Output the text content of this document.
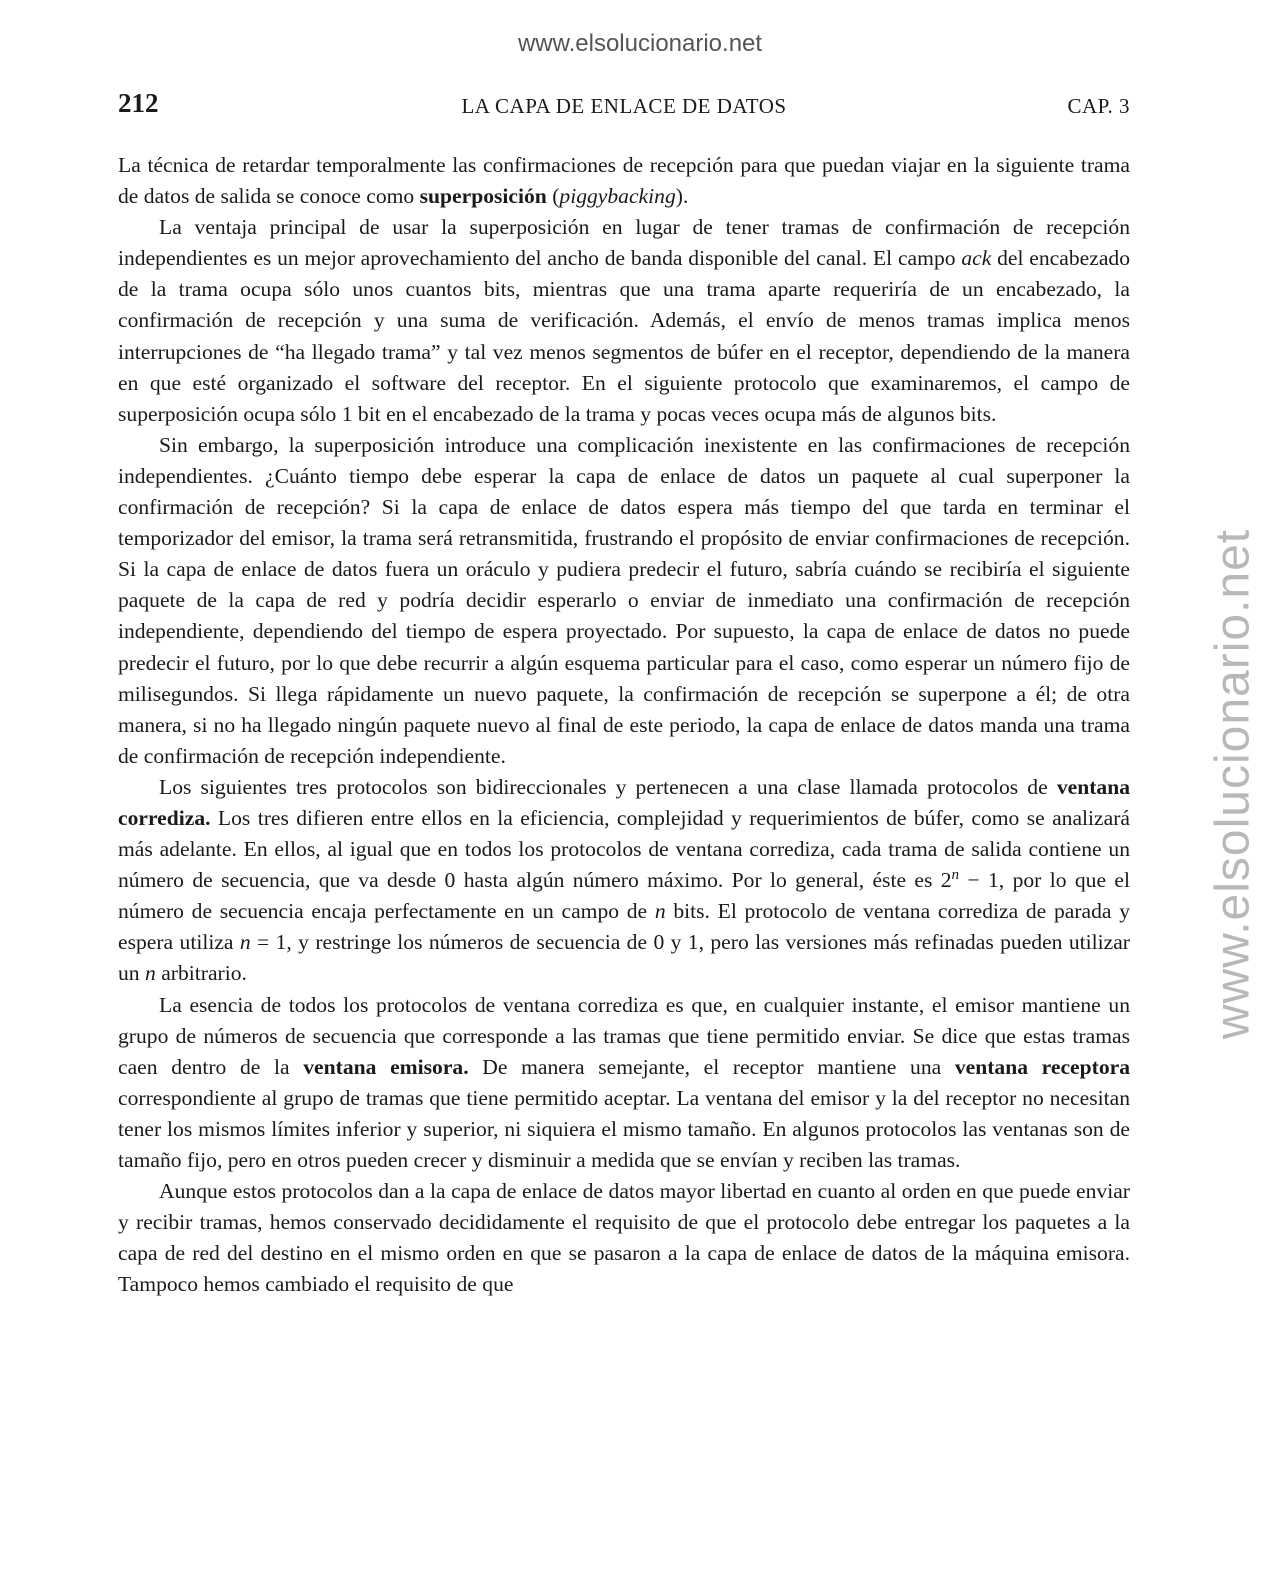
www.elsolucionario.net
www.elsolucionario.net
212	LA CAPA DE ENLACE DE DATOS	CAP. 3

La técnica de retardar temporalmente las confirmaciones de recepción para que puedan viajar en la siguiente trama de datos de salida se conoce como superposición (piggybacking).

La ventaja principal de usar la superposición en lugar de tener tramas de confirmación de recepción independientes es un mejor aprovechamiento del ancho de banda disponible del canal. El campo ack del encabezado de la trama ocupa sólo unos cuantos bits, mientras que una trama aparte requeriría de un encabezado, la confirmación de recepción y una suma de verificación. Además, el envío de menos tramas implica menos interrupciones de “ha llegado trama” y tal vez menos segmentos de búfer en el receptor, dependiendo de la manera en que esté organizado el software del receptor. En el siguiente protocolo que examinaremos, el campo de superposición ocupa sólo 1 bit en el encabezado de la trama y pocas veces ocupa más de algunos bits.

Sin embargo, la superposición introduce una complicación inexistente en las confirmaciones de recepción independientes. ¿Cuánto tiempo debe esperar la capa de enlace de datos un paquete al cual superponer la confirmación de recepción? Si la capa de enlace de datos espera más tiempo del que tarda en terminar el temporizador del emisor, la trama será retransmitida, frustrando el propósito de enviar confirmaciones de recepción. Si la capa de enlace de datos fuera un oráculo y pudiera predecir el futuro, sabría cuándo se recibiría el siguiente paquete de la capa de red y podría decidir esperarlo o enviar de inmediato una confirmación de recepción independiente, dependiendo del tiempo de espera proyectado. Por supuesto, la capa de enlace de datos no puede predecir el futuro, por lo que debe recurrir a algún esquema particular para el caso, como esperar un número fijo de milisegundos. Si llega rápidamente un nuevo paquete, la confirmación de recepción se superpone a él; de otra manera, si no ha llegado ningún paquete nuevo al final de este periodo, la capa de enlace de datos manda una trama de confirmación de recepción independiente.

Los siguientes tres protocolos son bidireccionales y pertenecen a una clase llamada protocolos de ventana corrediza. Los tres difieren entre ellos en la eficiencia, complejidad y requerimientos de búfer, como se analizará más adelante. En ellos, al igual que en todos los protocolos de ventana corrediza, cada trama de salida contiene un número de secuencia, que va desde 0 hasta algún número máximo. Por lo general, éste es $2^n - 1$, por lo que el número de secuencia encaja perfectamente en un campo de n bits. El protocolo de ventana corrediza de parada y espera utiliza n = 1, y restringe los números de secuencia de 0 y 1, pero las versiones más refinadas pueden utilizar un n arbitrario.

La esencia de todos los protocolos de ventana corrediza es que, en cualquier instante, el emisor mantiene un grupo de números de secuencia que corresponde a las tramas que tiene permitido enviar. Se dice que estas tramas caen dentro de la ventana emisora. De manera semejante, el receptor mantiene una ventana receptora correspondiente al grupo de tramas que tiene permitido aceptar. La ventana del emisor y la del receptor no necesitan tener los mismos límites inferior y superior, ni siquiera el mismo tamaño. En algunos protocolos las ventanas son de tamaño fijo, pero en otros pueden crecer y disminuir a medida que se envían y reciben las tramas.

Aunque estos protocolos dan a la capa de enlace de datos mayor libertad en cuanto al orden en que puede enviar y recibir tramas, hemos conservado decididamente el requisito de que el protocolo debe entregar los paquetes a la capa de red del destino en el mismo orden en que se pasaron a la capa de enlace de datos de la máquina emisora. Tampoco hemos cambiado el requisito de que
